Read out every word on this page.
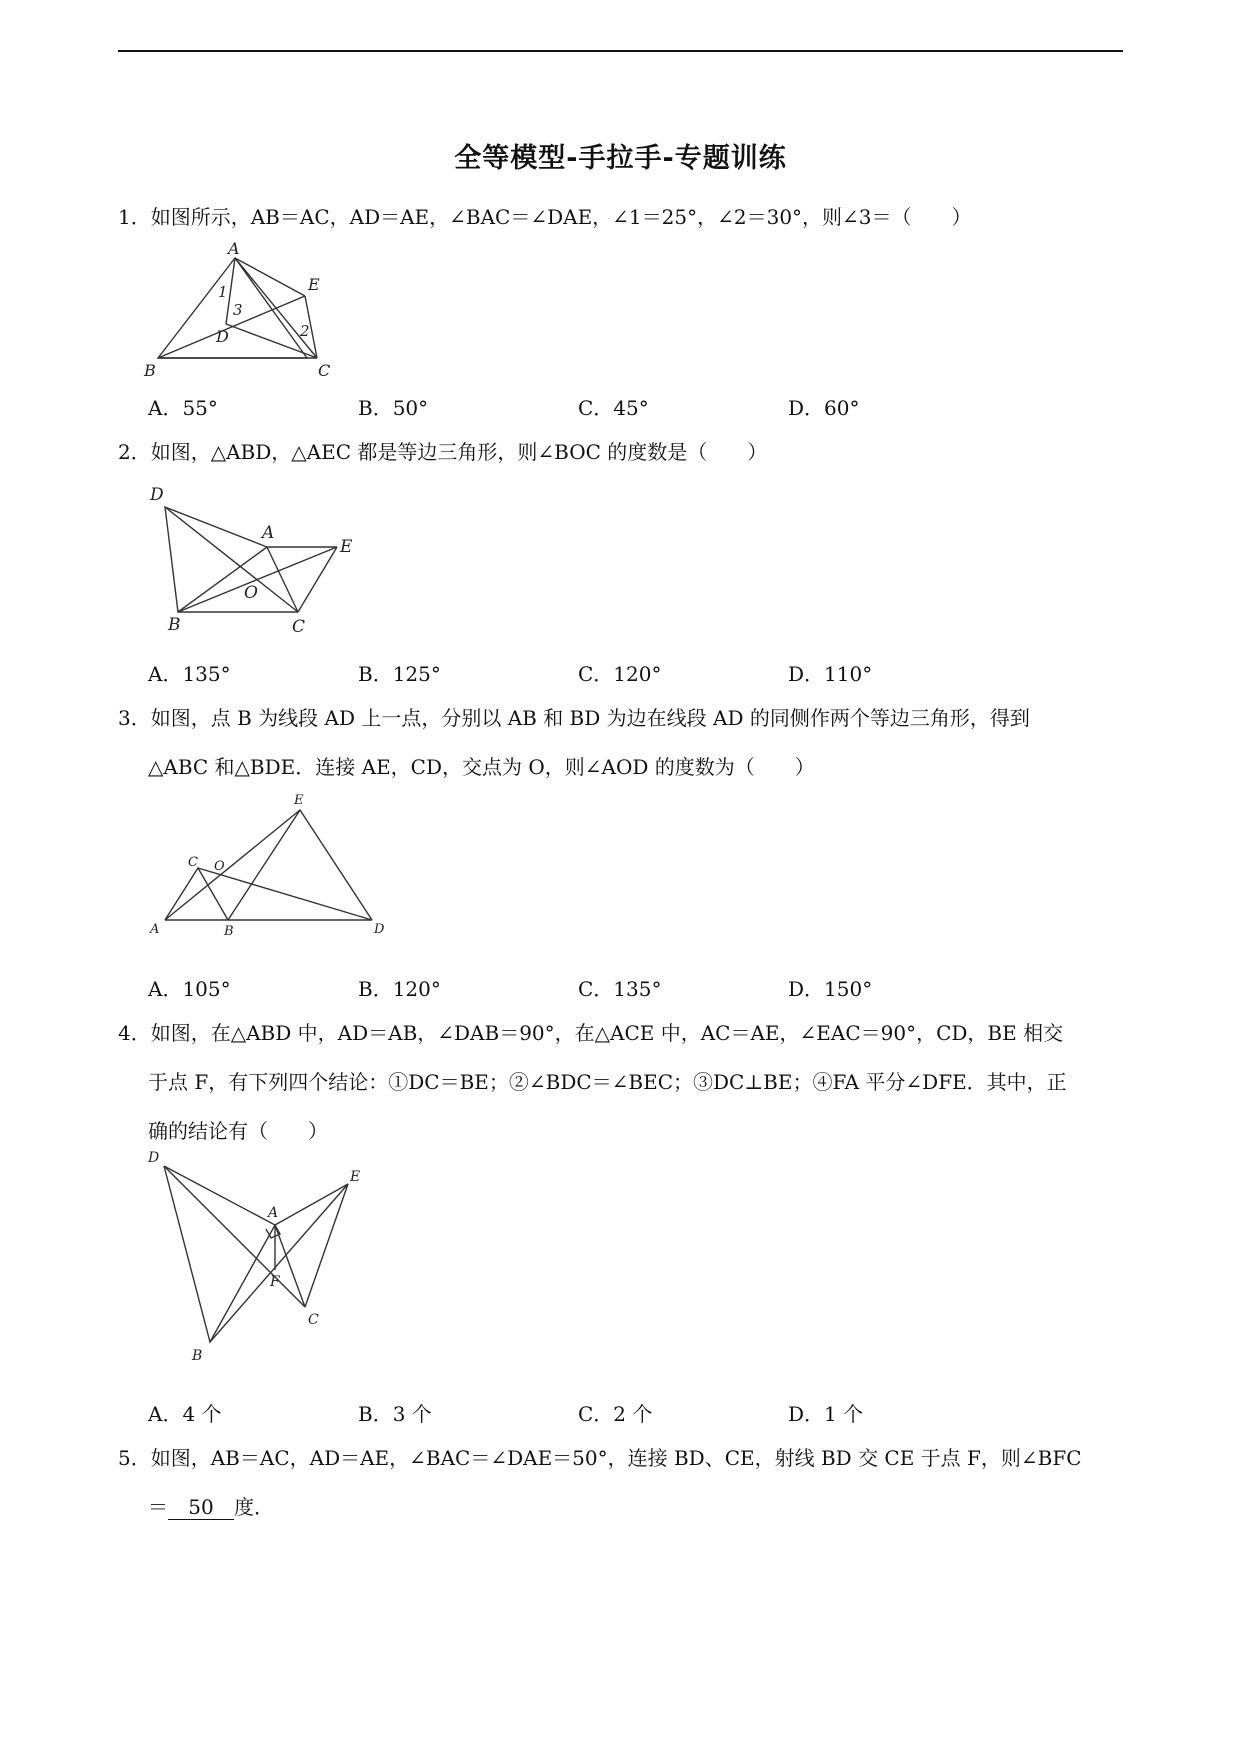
全等模型-手拉手-专题训练

1．如图所示，AB＝AC，AD＝AE，∠BAC＝∠DAE，∠1＝25°，∠2＝30°，则∠3＝（　　）

A
B	C
D
E
1
3
2
A．55°	B．50°	C．45°	D．60°

2．如图，△ABD，△AEC 都是等边三角形，则∠BOC 的度数是（　　）

D
A
E
O
B	C
A．135°	B．125°	C．120°	D．110°

3．如图，点 B 为线段 AD 上一点，分别以 AB 和 BD 为边在线段 AD 的同侧作两个等边三角形，得到

△ABC 和△BDE．连接 AE，CD，交点为 O，则∠AOD 的度数为（　　）

E
C O
A	B	D
A．105°	B．120°	C．135°	D．150°

4．如图，在△ABD 中，AD＝AB，∠DAB＝90°，在△ACE 中，AC＝AE，∠EAC＝90°，CD，BE 相交

于点 F，有下列四个结论：①DC＝BE；②∠BDC＝∠BEC；③DC⊥BE；④FA 平分∠DFE．其中，正

确的结论有（　　）

D
A
E
F
C
B
A．4 个	B．3 个	C．2 个	D．1 个

5．如图，AB＝AC，AD＝AE，∠BAC＝∠DAE＝50°，连接 BD、CE，射线 BD 交 CE 于点 F，则∠BFC

＝ 50 度．
